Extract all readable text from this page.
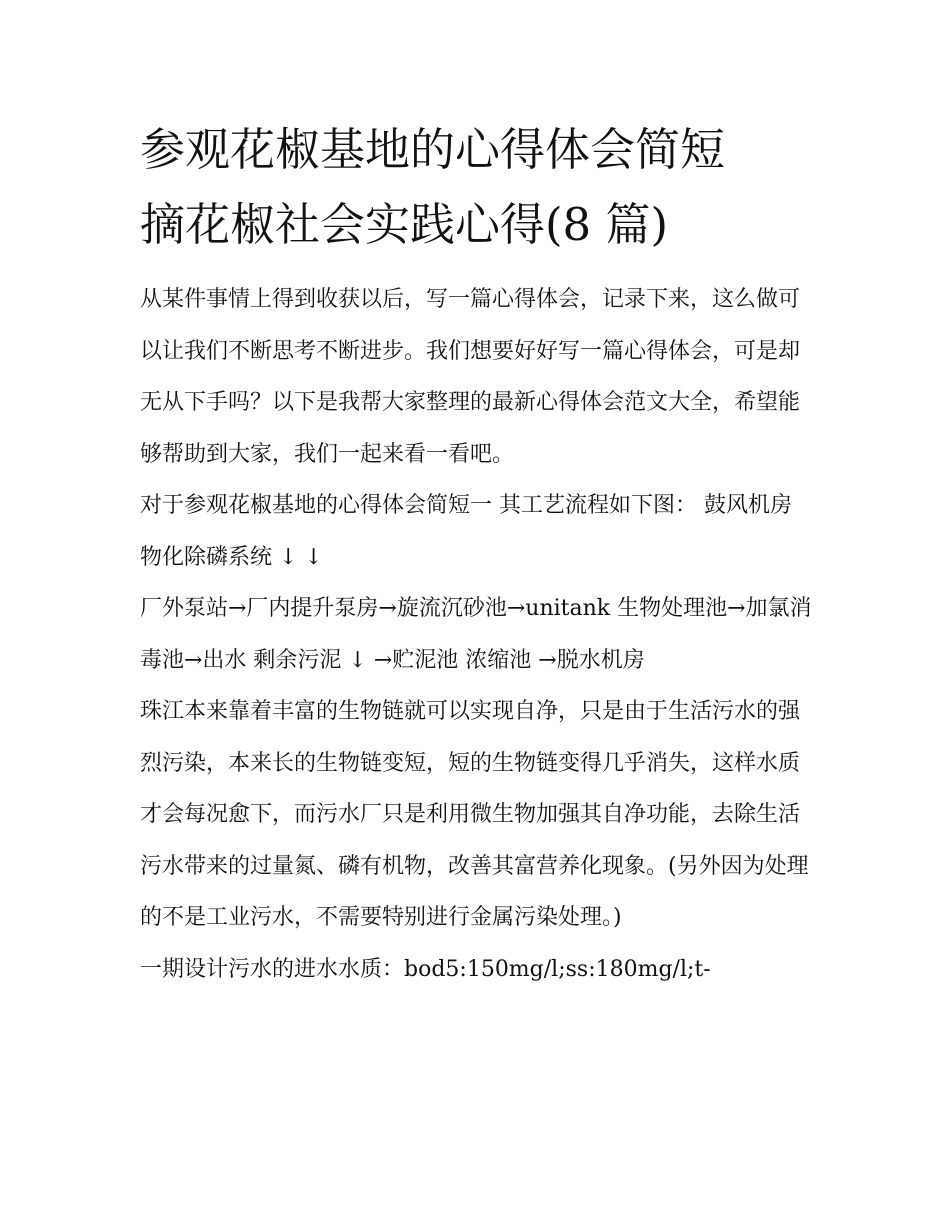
参观花椒基地的心得体会简短
摘花椒社会实践心得(8 篇)

从某件事情上得到收获以后，写一篇心得体会，记录下来，这么做可以让我们不断思考不断进步。我们想要好好写一篇心得体会，可是却无从下手吗？以下是我帮大家整理的最新心得体会范文大全，希望能够帮助到大家，我们一起来看一看吧。

对于参观花椒基地的心得体会简短一 其工艺流程如下图： 鼓风机房 物化除磷系统 ↓ ↓

厂外泵站→厂内提升泵房→旋流沉砂池→unitank 生物处理池→加氯消毒池→出水 剩余污泥 ↓ →贮泥池 浓缩池 →脱水机房

珠江本来靠着丰富的生物链就可以实现自净，只是由于生活污水的强烈污染，本来长的生物链变短，短的生物链变得几乎消失，这样水质才会每况愈下，而污水厂只是利用微生物加强其自净功能，去除生活污水带来的过量氮、磷有机物，改善其富营养化现象。(另外因为处理的不是工业污水，不需要特别进行金属污染处理。)

一期设计污水的进水水质：bod5:150mg/l;ss:180mg/l;t-
